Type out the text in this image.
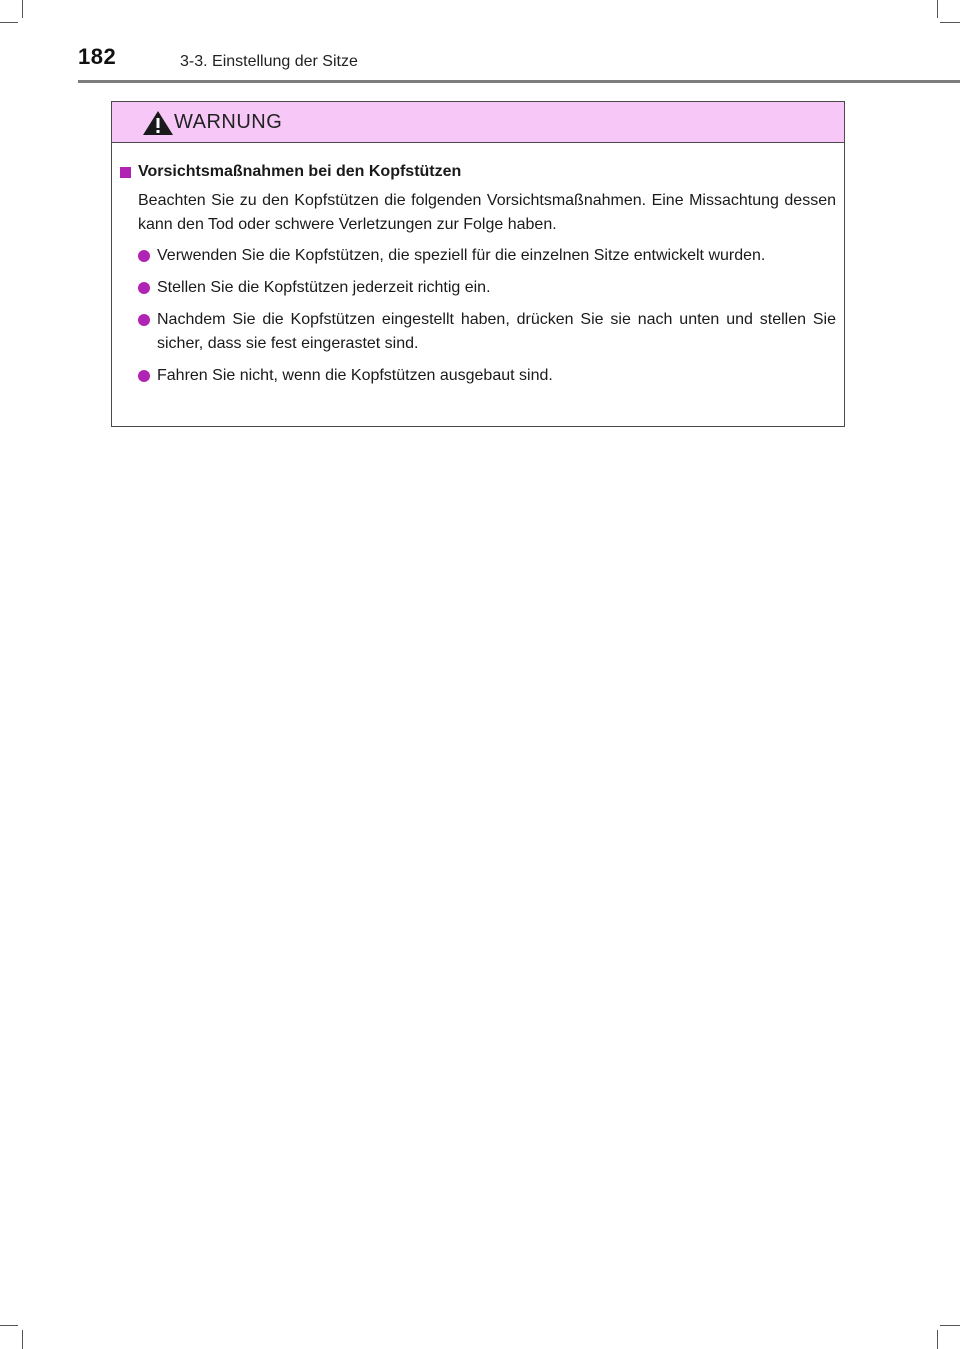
182	3-3. Einstellung der Sitze
WARNUNG
Vorsichtsmaßnahmen bei den Kopfstützen
Beachten Sie zu den Kopfstützen die folgenden Vorsichtsmaßnahmen. Eine Missachtung dessen kann den Tod oder schwere Verletzungen zur Folge haben.
Verwenden Sie die Kopfstützen, die speziell für die einzelnen Sitze entwickelt wurden.
Stellen Sie die Kopfstützen jederzeit richtig ein.
Nachdem Sie die Kopfstützen eingestellt haben, drücken Sie sie nach unten und stellen Sie sicher, dass sie fest eingerastet sind.
Fahren Sie nicht, wenn die Kopfstützen ausgebaut sind.
